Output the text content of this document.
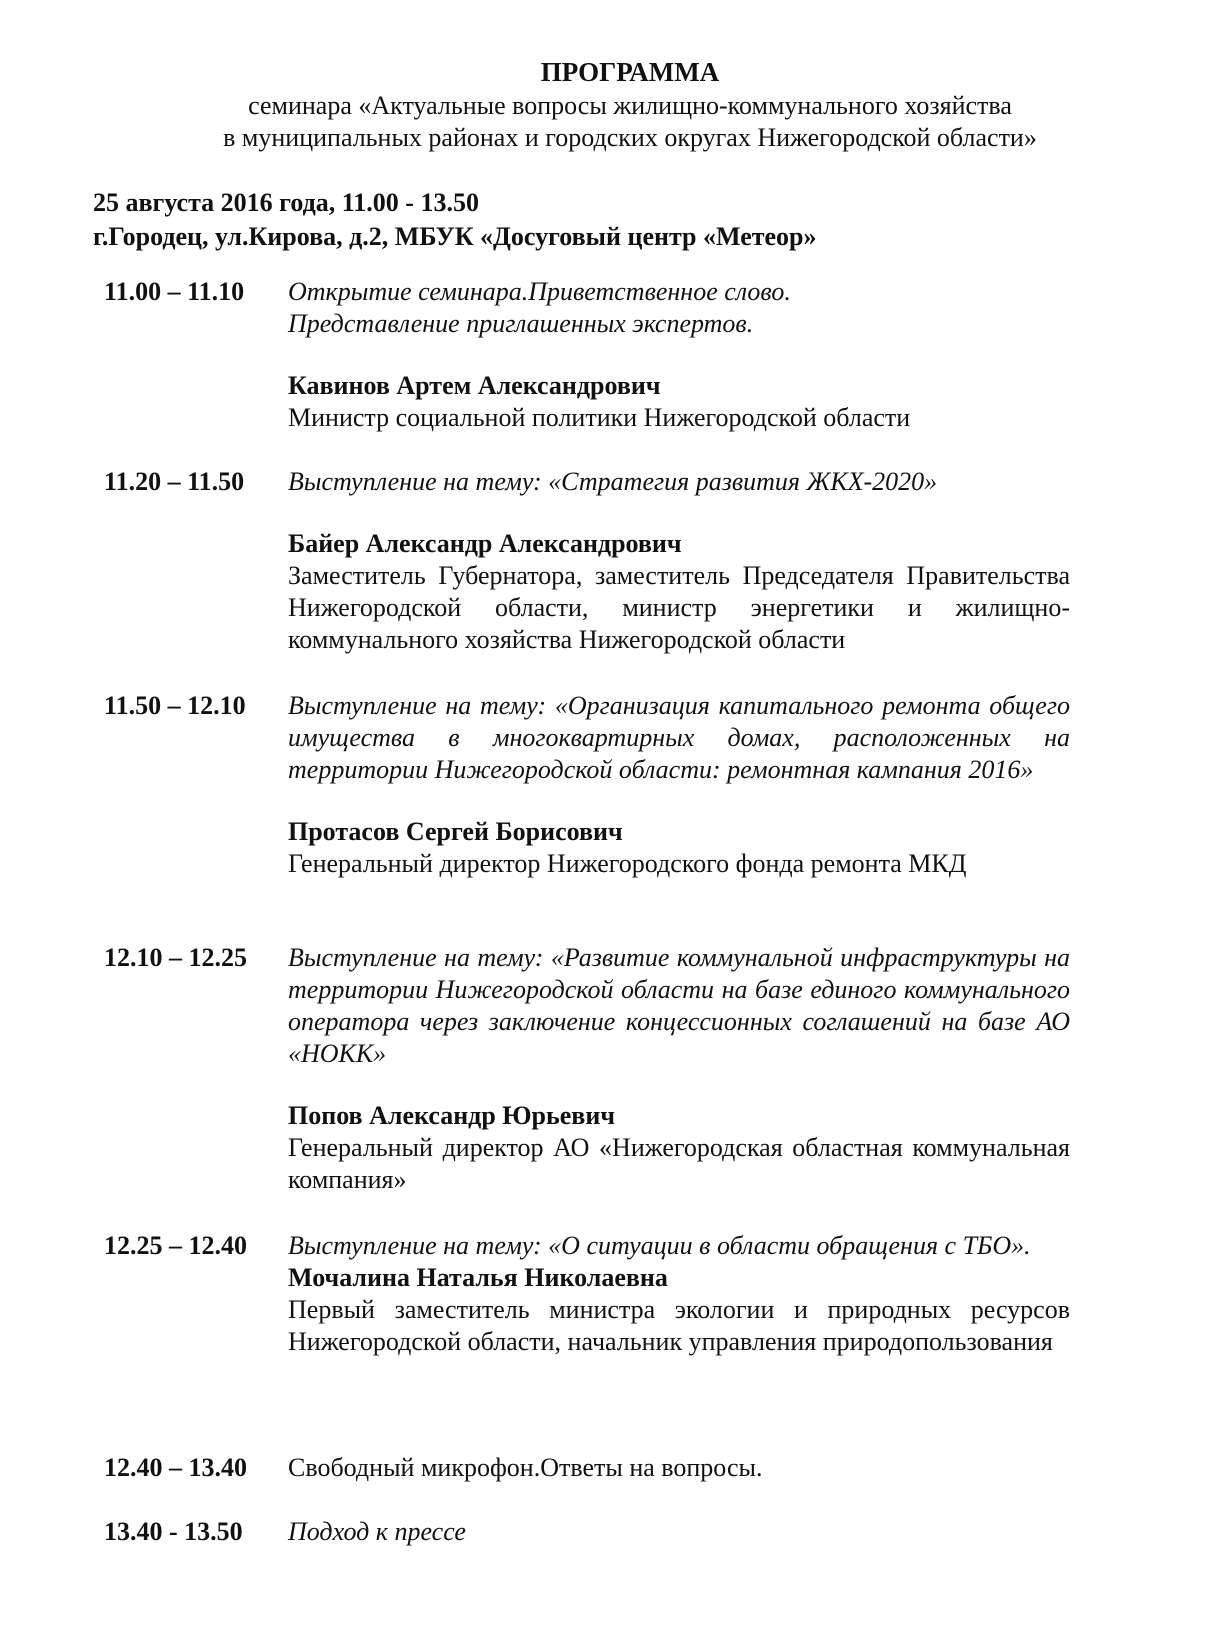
ПРОГРАММА
семинара «Актуальные вопросы жилищно-коммунального хозяйства
в муниципальных районах и городских округах Нижегородской области»
25 августа 2016 года, 11.00 - 13.50
г.Городец, ул.Кирова, д.2, МБУК «Досуговый центр «Метеор»
11.00 – 11.10 Открытие семинара.Приветственное слово.
Представление приглашенных экспертов.
Кавинов Артем Александрович
Министр социальной политики Нижегородской области
11.20 – 11.50 Выступление на тему: «Стратегия развития ЖКХ-2020»
Байер Александр Александрович
Заместитель Губернатора, заместитель Председателя Правительства Нижегородской области, министр энергетики и жилищно-коммунального хозяйства Нижегородской области
11.50 – 12.10 Выступление на тему: «Организация капитального ремонта общего имущества в многоквартирных домах, расположенных на территории Нижегородской области: ремонтная кампания 2016»
Протасов Сергей Борисович
Генеральный директор Нижегородского фонда ремонта МКД
12.10 – 12.25 Выступление на тему: «Развитие коммунальной инфраструктуры на территории Нижегородской области на базе единого коммунального оператора через заключение концессионных соглашений на базе АО «НОКК»
Попов Александр Юрьевич
Генеральный директор АО «Нижегородская областная коммунальная компания»
12.25 – 12.40 Выступление на тему: «О ситуации в области обращения с ТБО».
Мочалина Наталья Николаевна
Первый заместитель министра экологии и природных ресурсов Нижегородской области, начальник управления природопользования
12.40 – 13.40 Свободный микрофон.Ответы на вопросы.
13.40 - 13.50 Подход к прессе
